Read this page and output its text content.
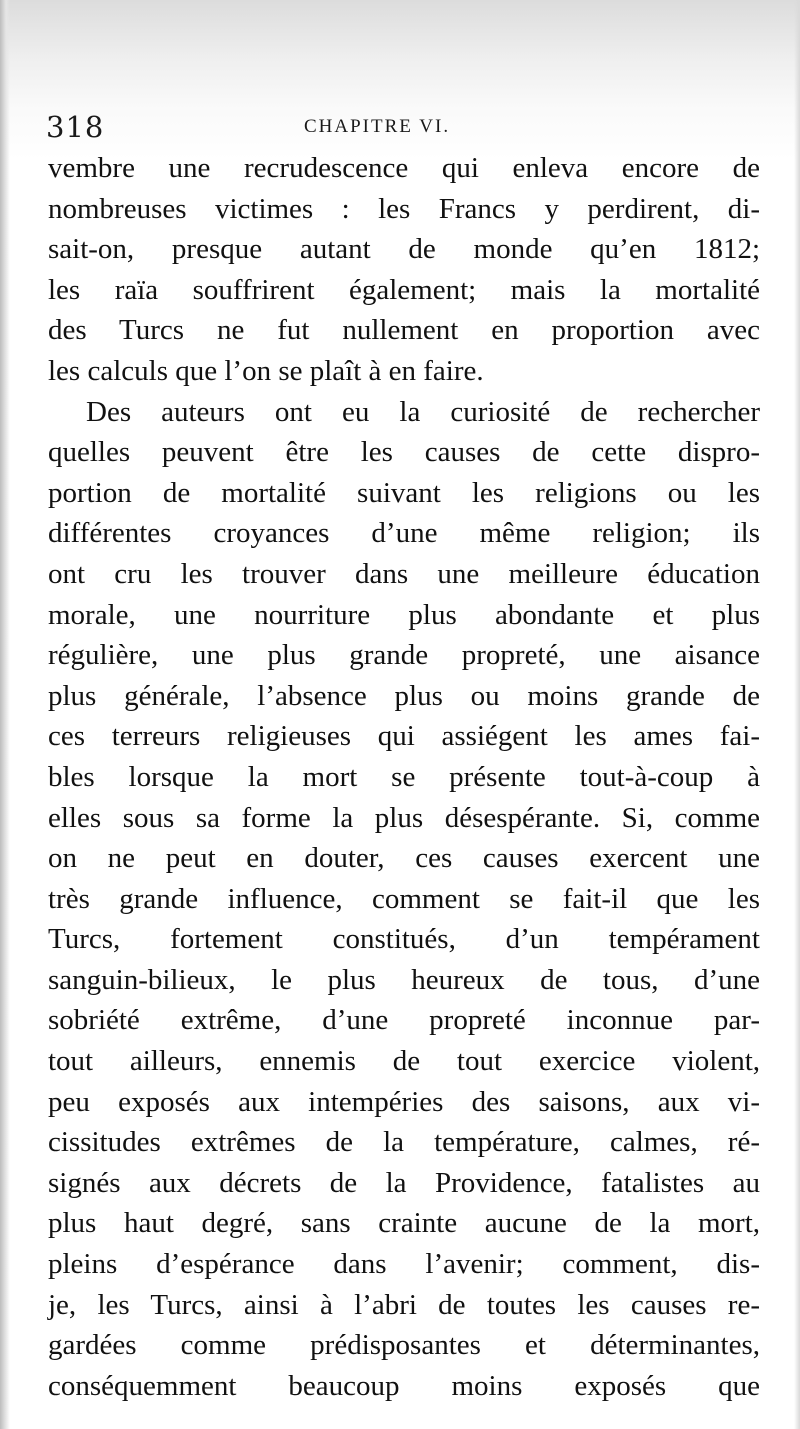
318	CHAPITRE VI.
vembre une recrudescence qui enleva encore de
nombreuses victimes : les Francs y perdirent, di-
sait-on, presque autant de monde qu’en 1812;
les raïa souffrirent également; mais la mortalité
des Turcs ne fut nullement en proportion avec
les calculs que l’on se plaît à en faire.
Des auteurs ont eu la curiosité de rechercher
quelles peuvent être les causes de cette dispro-
portion de mortalité suivant les religions ou les
différentes croyances d’une même religion; ils
ont cru les trouver dans une meilleure éducation
morale, une nourriture plus abondante et plus
régulière, une plus grande propreté, une aisance
plus générale, l’absence plus ou moins grande de
ces terreurs religieuses qui assiégent les ames fai-
bles lorsque la mort se présente tout-à-coup à
elles sous sa forme la plus désespérante. Si, comme
on ne peut en douter, ces causes exercent une
très grande influence, comment se fait-il que les
Turcs, fortement constitués, d’un tempérament
sanguin-bilieux, le plus heureux de tous, d’une
sobriété extrême, d’une propreté inconnue par-
tout ailleurs, ennemis de tout exercice violent,
peu exposés aux intempéries des saisons, aux vi-
cissitudes extrêmes de la température, calmes, ré-
signés aux décrets de la Providence, fatalistes au
plus haut degré, sans crainte aucune de la mort,
pleins d’espérance dans l’avenir; comment, dis-
je, les Turcs, ainsi à l’abri de toutes les causes re-
gardées comme prédisposantes et déterminantes,
conséquemment beaucoup moins exposés que
